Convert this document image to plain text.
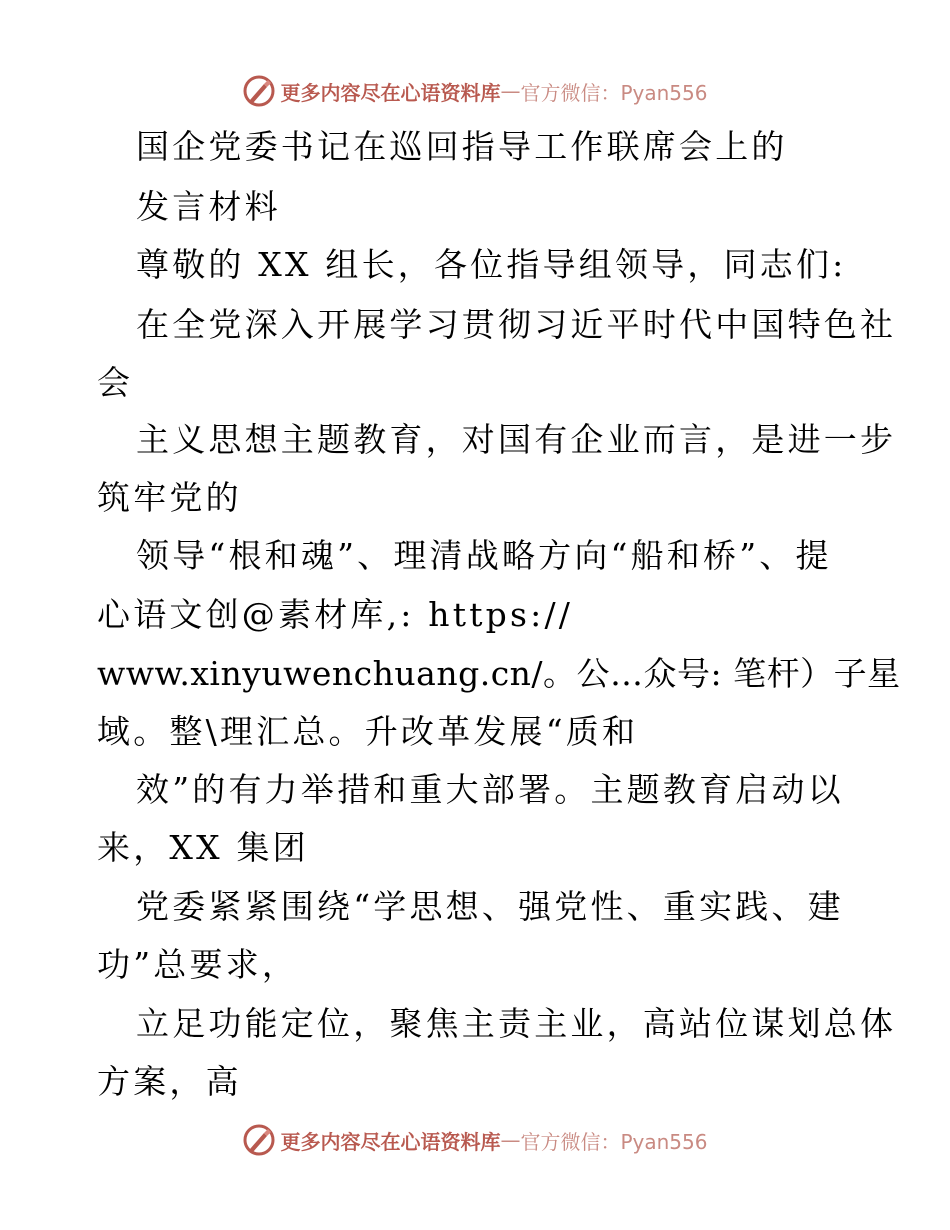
更多内容尽在心语资料库 — 官方微信：Pyan556
国企党委书记在巡回指导工作联席会上的
发言材料
尊敬的 XX 组长，各位指导组领导，同志们:
在全党深入开展学习贯彻习近平时代中国特色社
会
主义思想主题教育，对国有企业而言，是进一步
筑牢党的
领导“根和魂”、理清战略方向“船和桥”、提
心语文创@素材库,: https://
www.xinyuwenchuang.cn/。公…众号: 笔杆）子星
域。整\理汇总。升改革发展“质和
效”的有力举措和重大部署。主题教育启动以
来，XX 集团
党委紧紧围绕“学思想、强党性、重实践、建
功”总要求，
立足功能定位，聚焦主责主业，高站位谋划总体
方案，高
更多内容尽在心语资料库 — 官方微信：Pyan556
